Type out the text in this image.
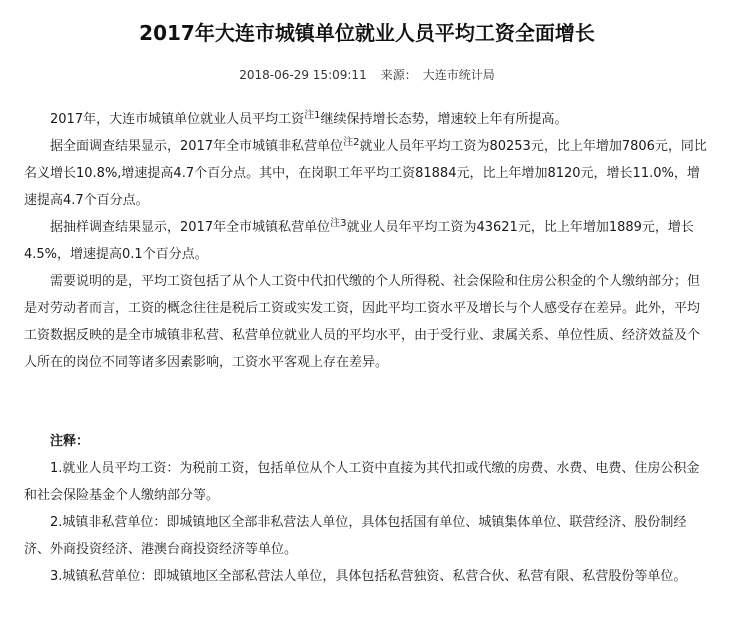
2017年大连市城镇单位就业人员平均工资全面增长
2018-06-29 15:09:11 来源： 大连市统计局

2017年，大连市城镇单位就业人员平均工资$^{注1}$继续保持增长态势，增速较上年有所提高。

据全面调查结果显示，2017年全市城镇非私营单位$^{注2}$就业人员年平均工资为80253元，比上年增加7806元，同比名义增长10.8%,增速提高4.7个百分点。其中，在岗职工年平均工资81884元，比上年增加8120元，增长11.0%，增速提高4.7个百分点。

据抽样调查结果显示，2017年全市城镇私营单位$^{注3}$就业人员年平均工资为43621元，比上年增加1889元，增长4.5%，增速提高0.1个百分点。

需要说明的是，平均工资包括了从个人工资中代扣代缴的个人所得税、社会保险和住房公积金的个人缴纳部分；但是对劳动者而言，工资的概念往往是税后工资或实发工资，因此平均工资水平及增长与个人感受存在差异。此外，平均工资数据反映的是全市城镇非私营、私营单位就业人员的平均水平，由于受行业、隶属关系、单位性质、经济效益及个人所在的岗位不同等诸多因素影响，工资水平客观上存在差异。

注释：

1.就业人员平均工资：为税前工资，包括单位从个人工资中直接为其代扣或代缴的房费、水费、电费、住房公积金和社会保险基金个人缴纳部分等。

2.城镇非私营单位：即城镇地区全部非私营法人单位，具体包括国有单位、城镇集体单位、联营经济、股份制经济、外商投资经济、港澳台商投资经济等单位。

3.城镇私营单位：即城镇地区全部私营法人单位，具体包括私营独资、私营合伙、私营有限、私营股份等单位。
